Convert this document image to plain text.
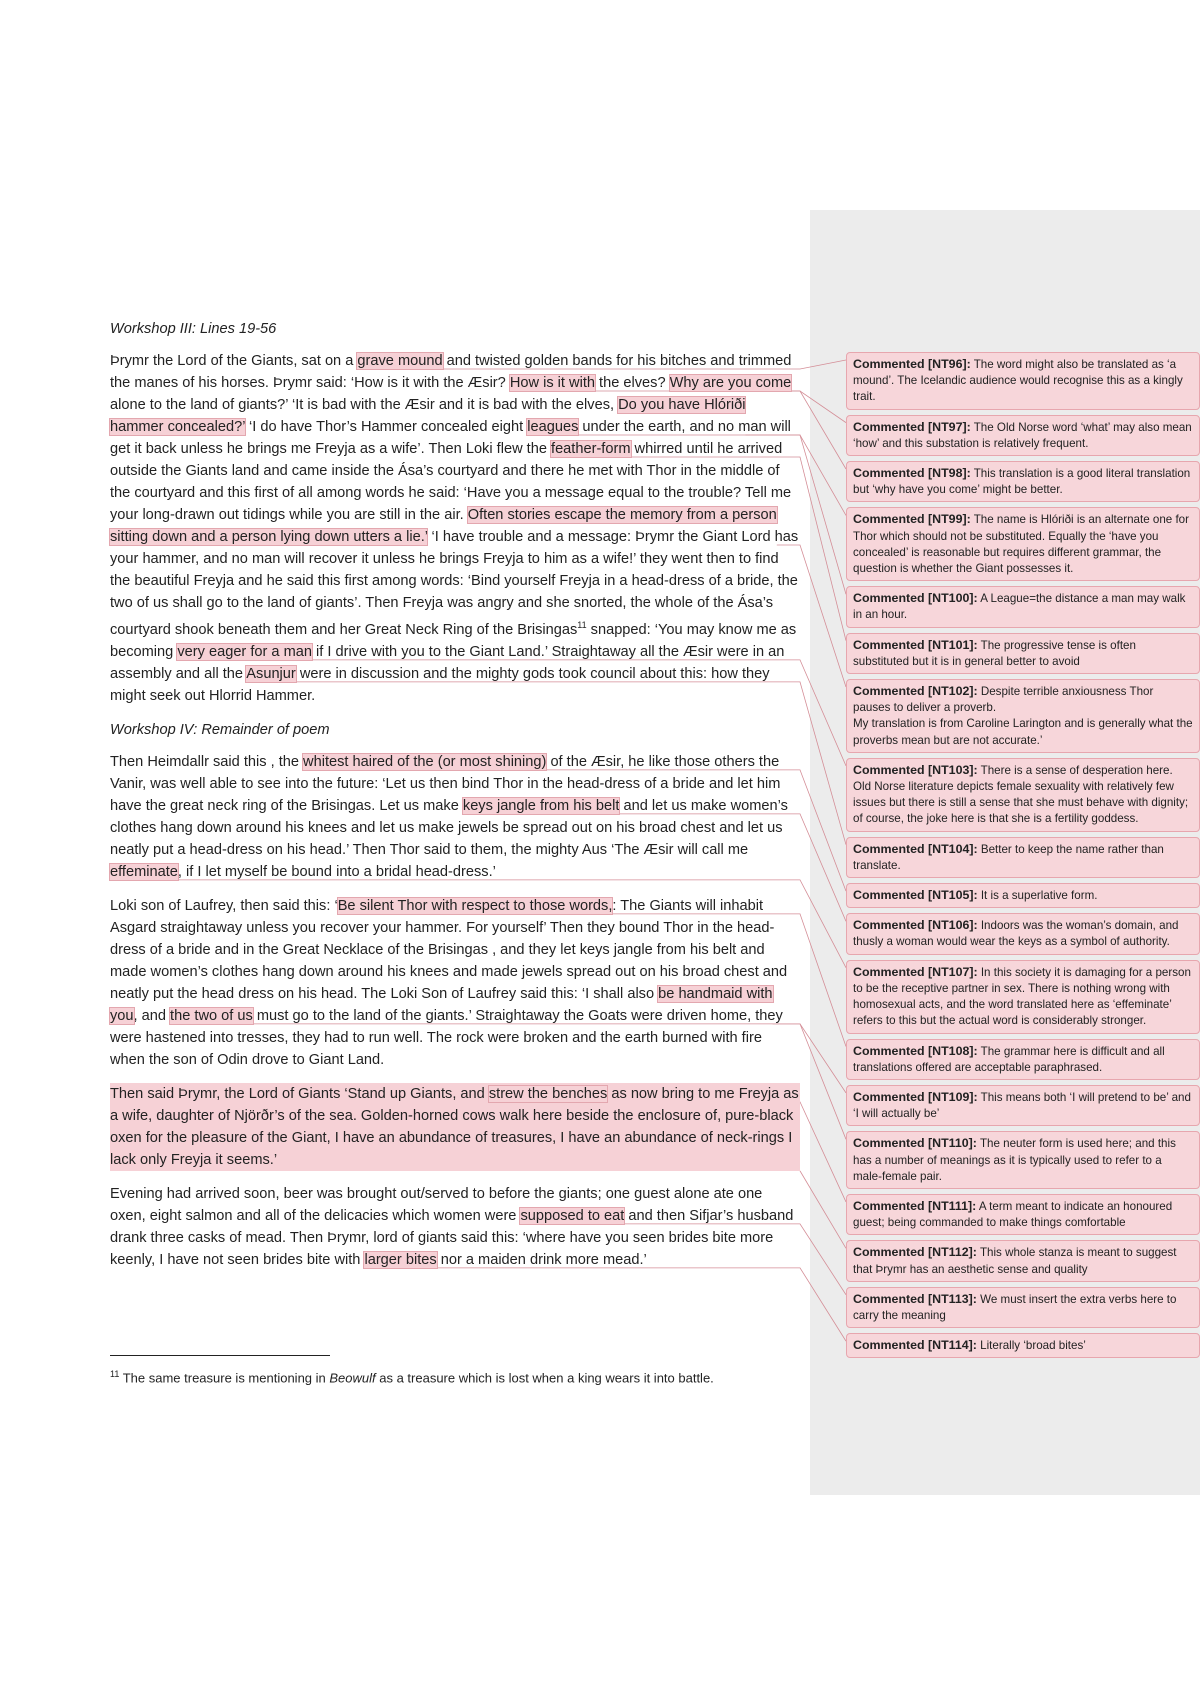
Workshop III: Lines 19-56

Þrymr the Lord of the Giants, sat on a grave mound and twisted golden bands for his bitches and trimmed the manes of his horses. Þrymr said: ‘How is it with the Æsir? How is it with the elves? Why are you come alone to the land of giants?’ ‘It is bad with the Æsir and it is bad with the elves, Do you have Hlóriði hammer concealed?’ ‘I do have Thor’s Hammer concealed eight leagues under the earth, and no man will get it back unless he brings me Freyja as a wife’. Then Loki flew the feather-form whirred until he arrived outside the Giants land and came inside the Ása’s courtyard and there he met with Thor in the middle of the courtyard and this first of all among words he said: ‘Have you a message equal to the trouble? Tell me your long-drawn out tidings while you are still in the air. Often stories escape the memory from a person sitting down and a person lying down utters a lie.’ ‘I have trouble and a message: Þrymr the Giant Lord has your hammer, and no man will recover it unless he brings Freyja to him as a wife!’ they went then to find the beautiful Freyja and he said this first among words: ‘Bind yourself Freyja in a head-dress of a bride, the two of us shall go to the land of giants’. Then Freyja was angry and she snorted, the whole of the Ása’s courtyard shook beneath them and her Great Neck Ring of the Brisingas$^{11}$ snapped: ‘You may know me as becoming very eager for a man if I drive with you to the Giant Land.’ Straightaway all the Æsir were in an assembly and all the Asunjur were in discussion and the mighty gods took council about this: how they might seek out Hlorrid Hammer.

Workshop IV: Remainder of poem

Then Heimdallr said this , the whitest haired of the (or most shining) of the Æsir, he like those others the Vanir, was well able to see into the future: ‘Let us then bind Thor in the head-dress of a bride and let him have the great neck ring of the Brisingas. Let us make keys jangle from his belt and let us make women’s clothes hang down around his knees and let us make jewels be spread out on his broad chest and let us neatly put a head-dress on his head.’ Then Thor said to them, the mighty Aus ‘The Æsir will call me effeminate, if I let myself be bound into a bridal head-dress.’

Loki son of Laufrey, then said this: ‘Be silent Thor with respect to those words,: The Giants will inhabit Asgard straightaway unless you recover your hammer. For yourself’ Then they bound Thor in the head-dress of a bride and in the Great Necklace of the Brisingas , and they let keys jangle from his belt and made women’s clothes hang down around his knees and made jewels spread out on his broad chest and neatly put the head dress on his head. The Loki Son of Laufrey said this: ‘I shall also be handmaid with you, and the two of us must go to the land of the giants.’ Straightaway the Goats were driven home, they were hastened into tresses, they had to run well. The rock were broken and the earth burned with fire when the son of Odin drove to Giant Land.

Then said Þrymr, the Lord of Giants ‘Stand up Giants, and strew the benches as now bring to me Freyja as a wife, daughter of Njörðr’s of the sea. Golden-horned cows walk here beside the enclosure of, pure-black oxen for the pleasure of the Giant, I have an abundance of treasures, I have an abundance of neck-rings I lack only Freyja it seems.’

Evening had arrived soon, beer was brought out/served to before the giants; one guest alone ate one oxen, eight salmon and all of the delicacies which women were supposed to eat and then Sifjar’s husband drank three casks of mead. Then Þrymr, lord of giants said this: ‘where have you seen brides bite more keenly, I have not seen brides bite with larger bites nor a maiden drink more mead.’

$^{11}$ The same treasure is mentioning in Beowulf as a treasure which is lost when a king wears it into battle.
Commented [NT96]: The word might also be translated as ‘a mound’. The Icelandic audience would recognise this as a kingly trait.
Commented [NT97]: The Old Norse word ‘what’ may also mean ‘how’ and this substation is relatively frequent.
Commented [NT98]: This translation is a good literal translation but ‘why have you come’ might be better.
Commented [NT99]: The name is Hlóriði is an alternate one for Thor which should not be substituted. Equally the ‘have you concealed’ is reasonable but requires different grammar, the question is whether the Giant possesses it.
Commented [NT100]: A League=the distance a man may walk in an hour.
Commented [NT101]: The progressive tense is often substituted but it is in general better to avoid
Commented [NT102]: Despite terrible anxiousness Thor pauses to deliver a proverb.
My translation is from Caroline Larington and is generally what the proverbs mean but are not accurate.’
Commented [NT103]: There is a sense of desperation here. Old Norse literature depicts female sexuality with relatively few issues but there is still a sense that she must behave with dignity; of course, the joke here is that she is a fertility goddess.
Commented [NT104]: Better to keep the name rather than translate.
Commented [NT105]: It is a superlative form.
Commented [NT106]: Indoors was the woman’s domain, and thusly a woman would wear the keys as a symbol of authority.
Commented [NT107]: In this society it is damaging for a person to be the receptive partner in sex. There is nothing wrong with homosexual acts, and the word translated here as ‘effeminate’ refers to this but the actual word is considerably stronger.
Commented [NT108]: The grammar here is difficult and all translations offered are acceptable paraphrased.
Commented [NT109]: This means both ‘I will pretend to be’ and ‘I will actually be’
Commented [NT110]: The neuter form is used here; and this has a number of meanings as it is typically used to refer to a male-female pair.
Commented [NT111]: A term meant to indicate an honoured guest; being commanded to make things comfortable
Commented [NT112]: This whole stanza is meant to suggest that Þrymr has an aesthetic sense and quality
Commented [NT113]: We must insert the extra verbs here to carry the meaning
Commented [NT114]: Literally ‘broad bites’
